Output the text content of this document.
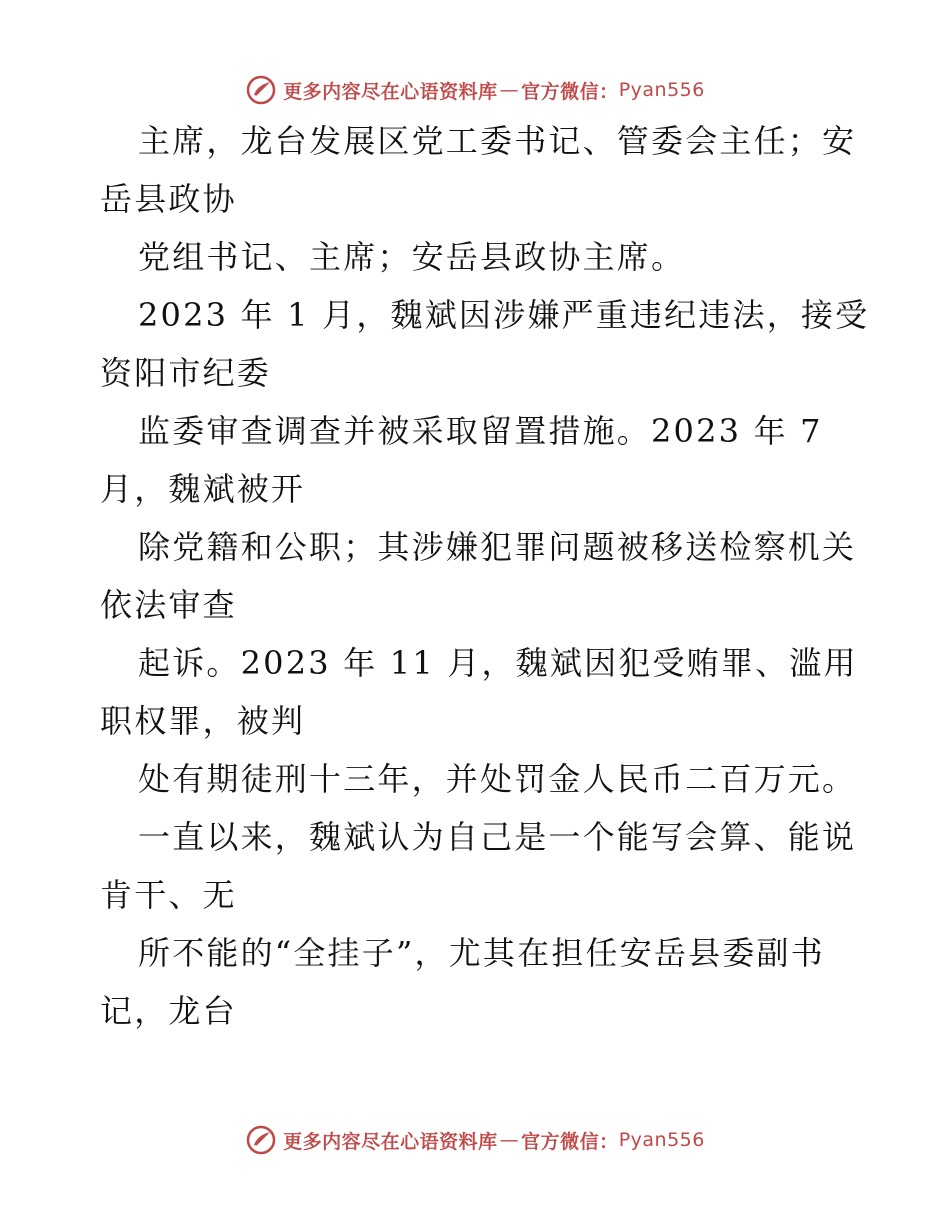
更多内容尽在心语资料库 — 官方微信： Pyan556
主席，龙台发展区党工委书记、管委会主任；安
岳县政协
党组书记、主席；安岳县政协主席。
2023 年 1 月，魏斌因涉嫌严重违纪违法，接受
资阳市纪委
监委审查调查并被采取留置措施。2023 年 7
月，魏斌被开
除党籍和公职；其涉嫌犯罪问题被移送检察机关
依法审查
起诉。2023 年 11 月，魏斌因犯受贿罪、滥用
职权罪，被判
处有期徒刑十三年，并处罚金人民币二百万元。
一直以来，魏斌认为自己是一个能写会算、能说
肯干、无
所不能的“全挂子”，尤其在担任安岳县委副书
记，龙台
更多内容尽在心语资料库 — 官方微信： Pyan556
